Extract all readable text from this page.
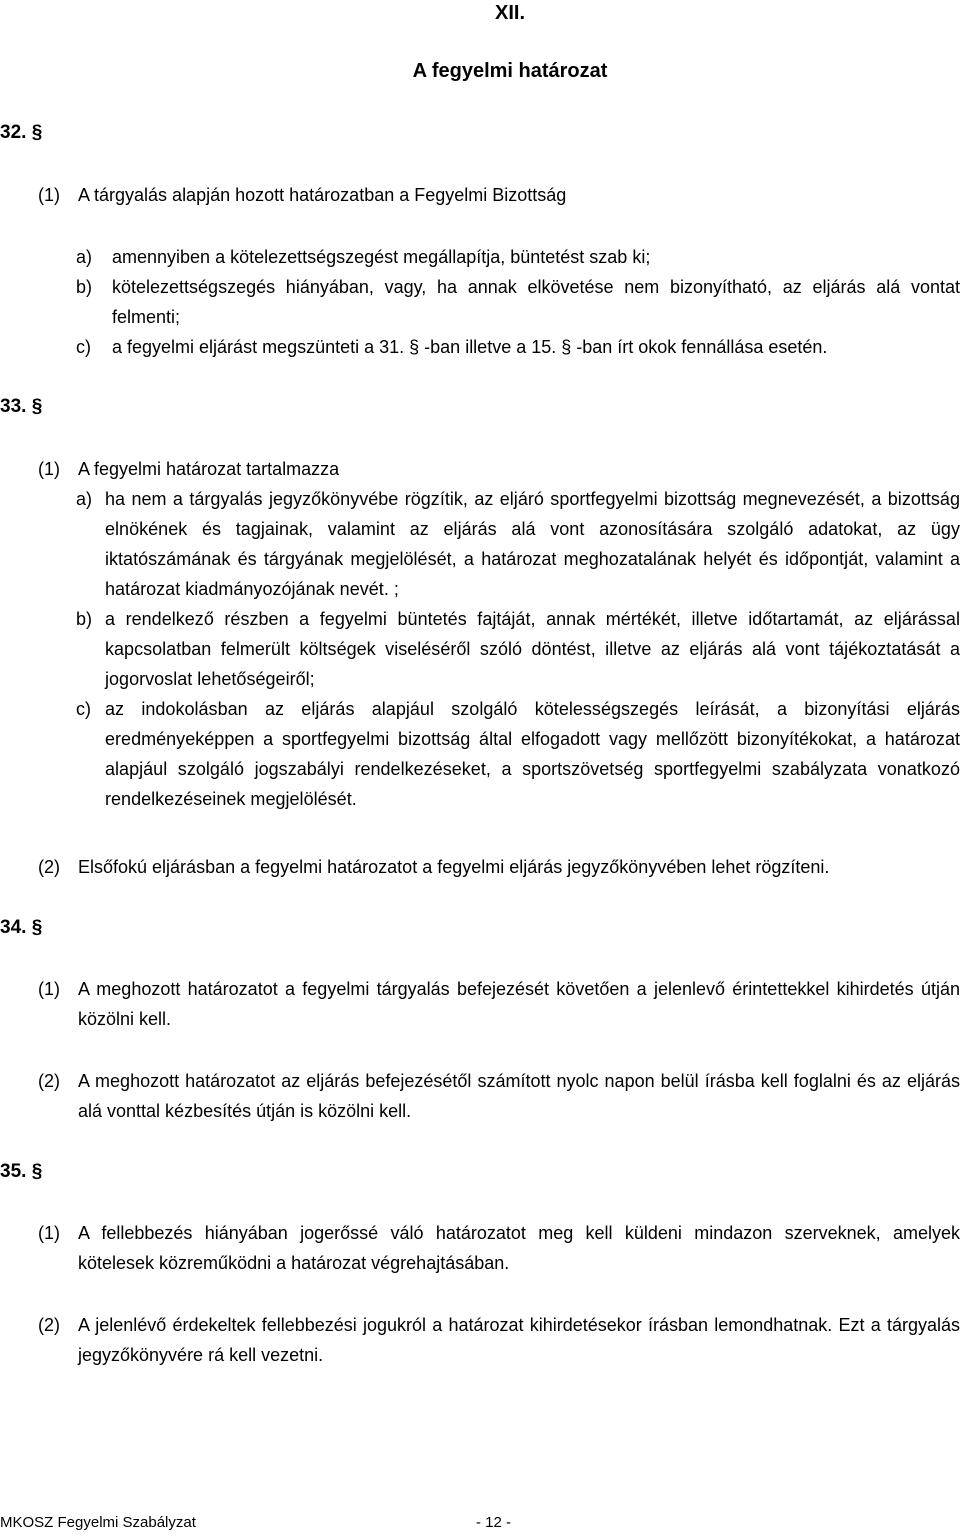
XII.
A fegyelmi határozat
32. §
(1)	A tárgyalás alapján hozott határozatban a Fegyelmi Bizottság
a)	amennyiben a kötelezettségszegést megállapítja, büntetést szab ki;
b)	kötelezettségszegés hiányában, vagy, ha annak elkövetése nem bizonyítható, az eljárás alá vontat felmenti;
c)	a fegyelmi eljárást megszünteti a 31. § -ban illetve a 15. § -ban írt okok fennállása esetén.
33. §
(1)	A fegyelmi határozat tartalmazza
a) ha nem a tárgyalás jegyzőkönyvébe rögzítik, az eljáró sportfegyelmi bizottság megnevezését, a bizottság elnökének és tagjainak, valamint az eljárás alá vont azonosítására szolgáló adatokat, az ügy iktatószámának és tárgyának megjelölését, a határozat meghozatalának helyét és időpontját, valamint a határozat kiadmányozójának nevét. ;
b) a rendelkező részben a fegyelmi büntetés fajtáját, annak mértékét, illetve időtartamát, az eljárással kapcsolatban felmerült költségek viseléséről szóló döntést, illetve az eljárás alá vont tájékoztatását a jogorvoslat lehetőségeiről;
c) az indokolásban az eljárás alapjául szolgáló kötelességszegés leírását, a bizonyítási eljárás eredményeképpen a sportfegyelmi bizottság által elfogadott vagy mellőzött bizonyítékokat, a határozat alapjául szolgáló jogszabályi rendelkezéseket, a sportszövetség sportfegyelmi szabályzata vonatkozó rendelkezéseinek megjelölését.
(2)	Elsőfokú eljárásban a fegyelmi határozatot a fegyelmi eljárás jegyzőkönyvében lehet rögzíteni.
34. §
(1)	A meghozott határozatot a fegyelmi tárgyalás befejezését követően a jelenlevő érintettekkel kihirdetés útján közölni kell.
(2)	A meghozott határozatot az eljárás befejezésétől számított nyolc napon belül írásba kell foglalni és az eljárás alá vonttal kézbesítés útján is közölni kell.
35. §
(1)	A fellebbezés hiányában jogerőssé váló határozatot meg kell küldeni mindazon szerveknek, amelyek kötelesek közreműködni a határozat végrehajtásában.
(2)	A jelenlévő érdekeltek fellebbezési jogukról a határozat kihirdetésekor írásban lemondhatnak. Ezt a tárgyalás jegyzőkönyvére rá kell vezetni.
MKOSZ Fegyelmi Szabályzat	- 12 -
